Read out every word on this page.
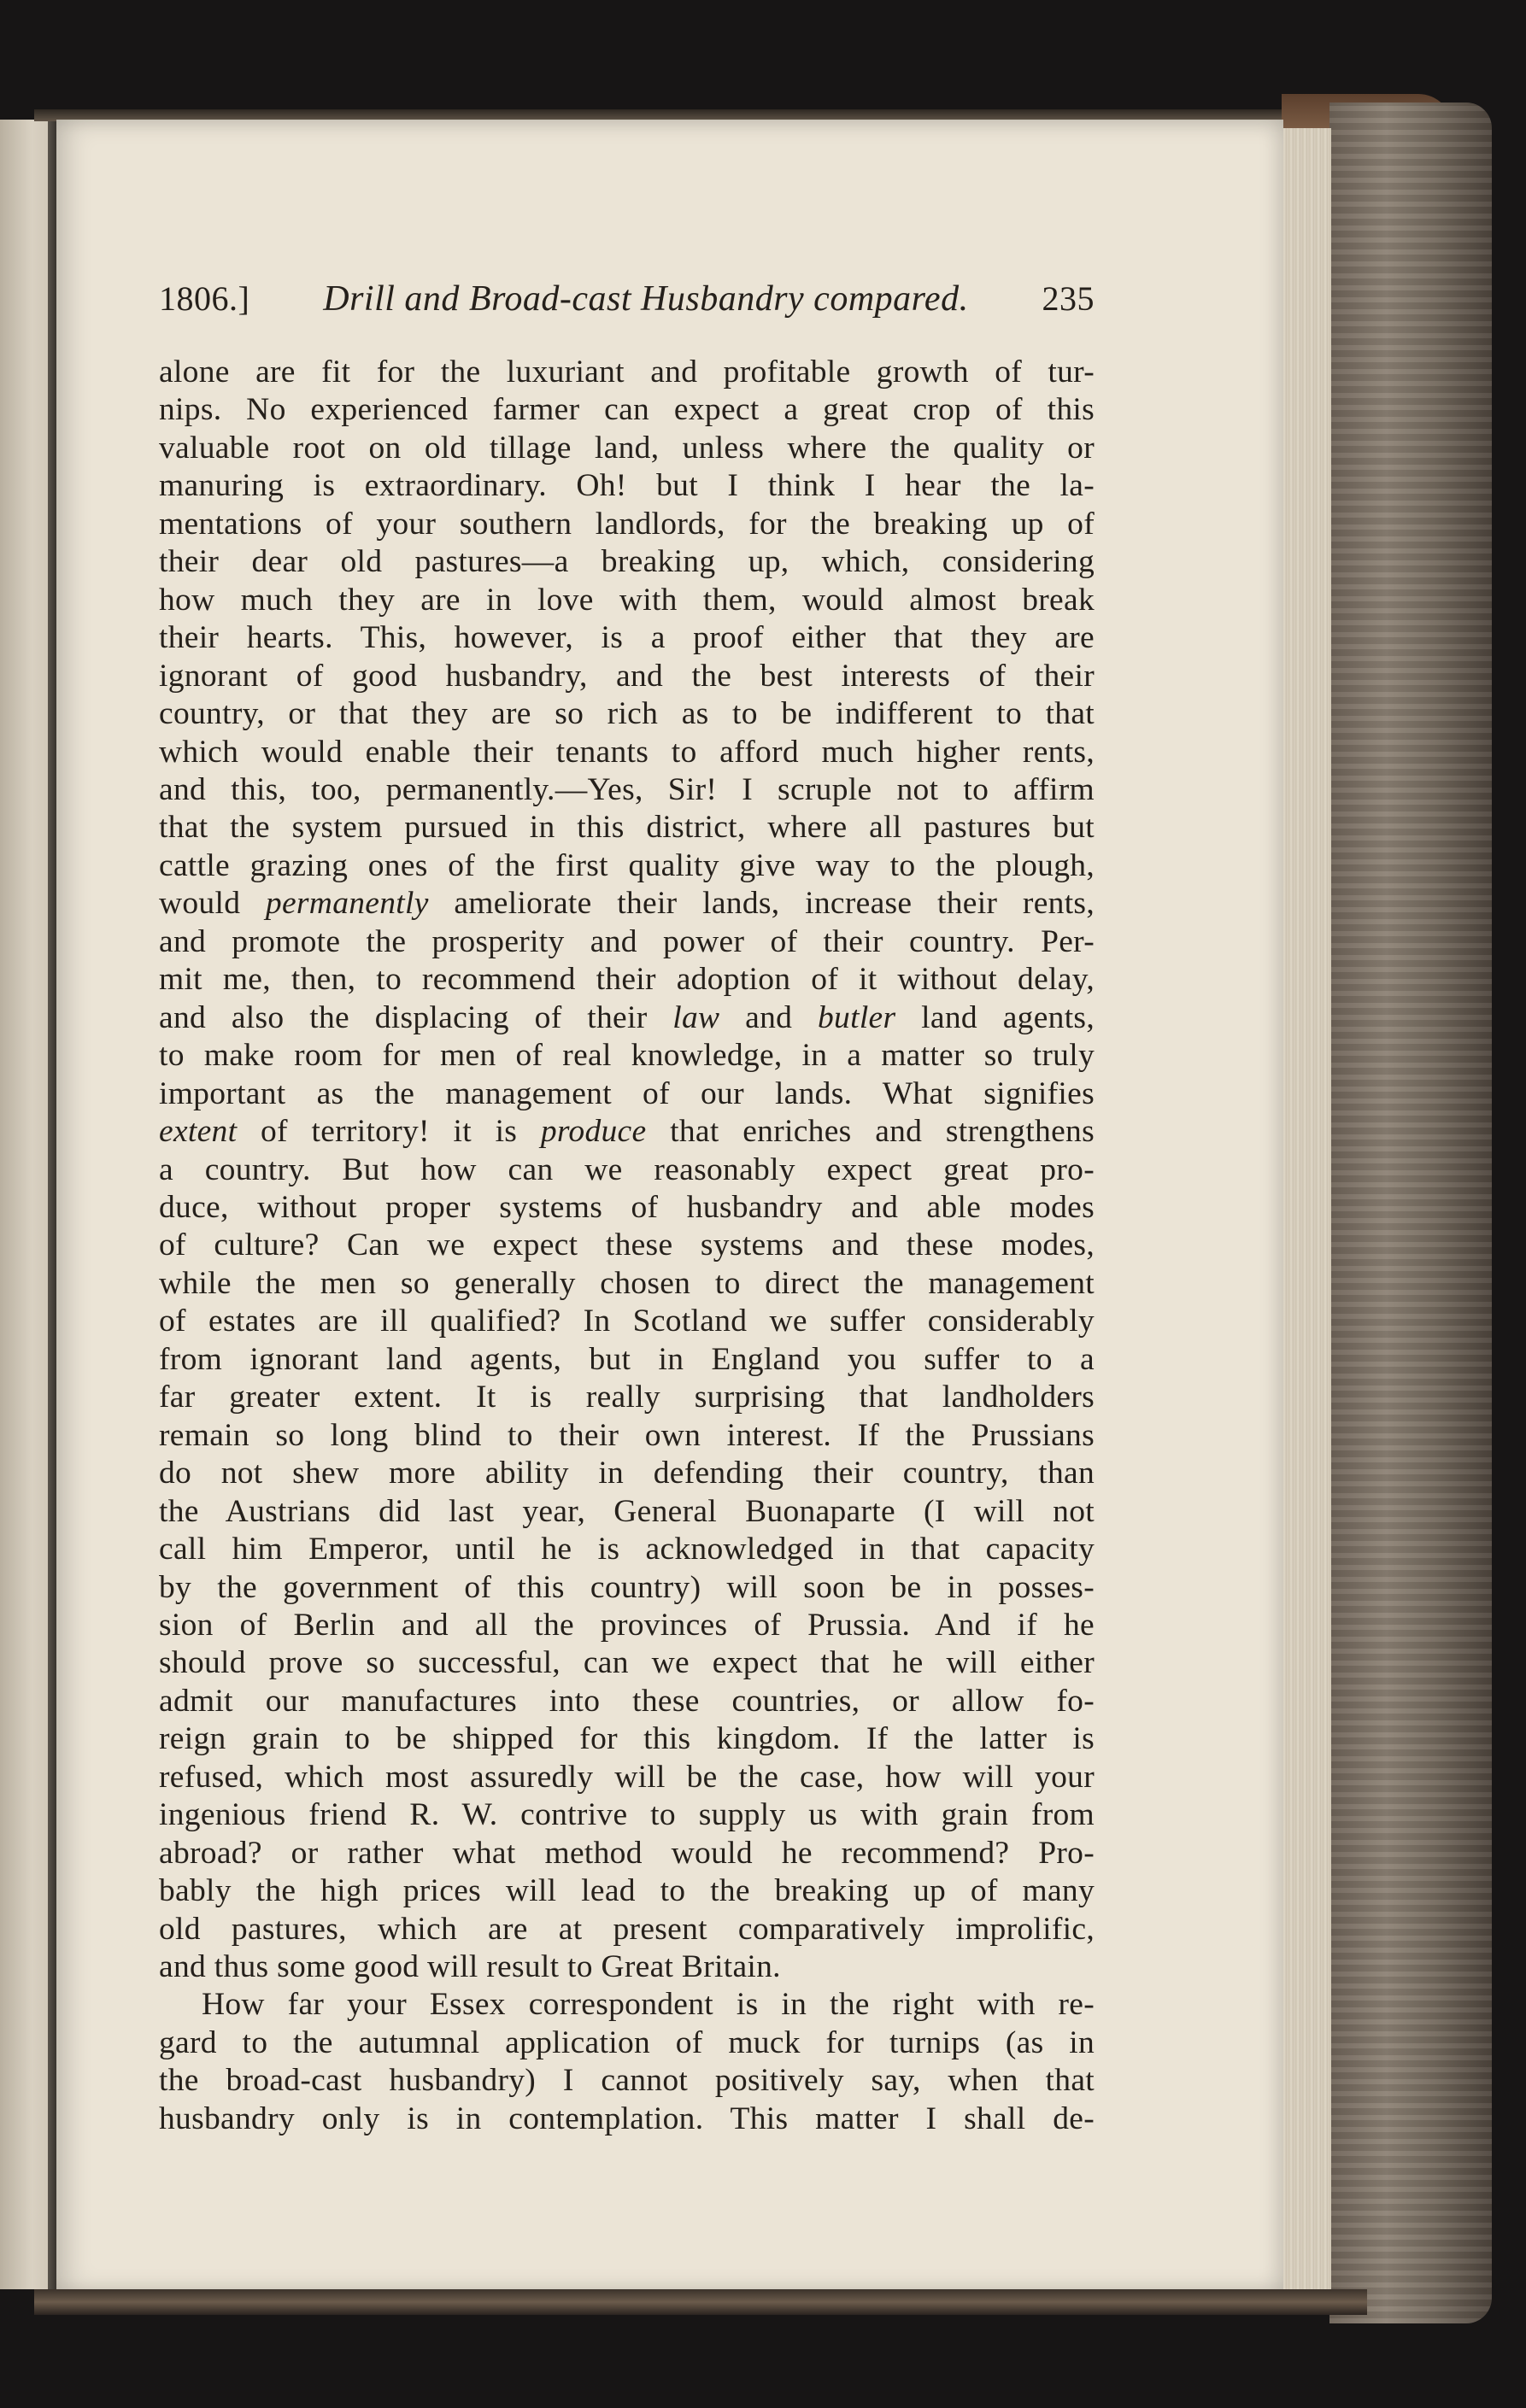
1806.] Drill and Broad-cast Husbandry compared. 235
alone are fit for the luxuriant and profitable growth of tur-
nips. No experienced farmer can expect a great crop of this
valuable root on old tillage land, unless where the quality or
manuring is extraordinary. Oh! but I think I hear the la-
mentations of your southern landlords, for the breaking up of
their dear old pastures—a breaking up, which, considering
how much they are in love with them, would almost break
their hearts. This, however, is a proof either that they are
ignorant of good husbandry, and the best interests of their
country, or that they are so rich as to be indifferent to that
which would enable their tenants to afford much higher rents,
and this, too, permanently.—Yes, Sir! I scruple not to affirm
that the system pursued in this district, where all pastures but
cattle grazing ones of the first quality give way to the plough,
would permanently ameliorate their lands, increase their rents,
and promote the prosperity and power of their country. Per-
mit me, then, to recommend their adoption of it without delay,
and also the displacing of their law and butler land agents,
to make room for men of real knowledge, in a matter so truly
important as the management of our lands. What signifies
extent of territory! it is produce that enriches and strengthens
a country. But how can we reasonably expect great pro-
duce, without proper systems of husbandry and able modes
of culture? Can we expect these systems and these modes,
while the men so generally chosen to direct the management
of estates are ill qualified? In Scotland we suffer considerably
from ignorant land agents, but in England you suffer to a
far greater extent. It is really surprising that landholders
remain so long blind to their own interest. If the Prussians
do not shew more ability in defending their country, than
the Austrians did last year, General Buonaparte (I will not
call him Emperor, until he is acknowledged in that capacity
by the government of this country) will soon be in posses-
sion of Berlin and all the provinces of Prussia. And if he
should prove so successful, can we expect that he will either
admit our manufactures into these countries, or allow fo-
reign grain to be shipped for this kingdom. If the latter is
refused, which most assuredly will be the case, how will your
ingenious friend R. W. contrive to supply us with grain from
abroad? or rather what method would he recommend? Pro-
bably the high prices will lead to the breaking up of many
old pastures, which are at present comparatively improlific,
and thus some good will result to Great Britain.
How far your Essex correspondent is in the right with re-
gard to the autumnal application of muck for turnips (as in
the broad-cast husbandry) I cannot positively say, when that
husbandry only is in contemplation. This matter I shall de-
